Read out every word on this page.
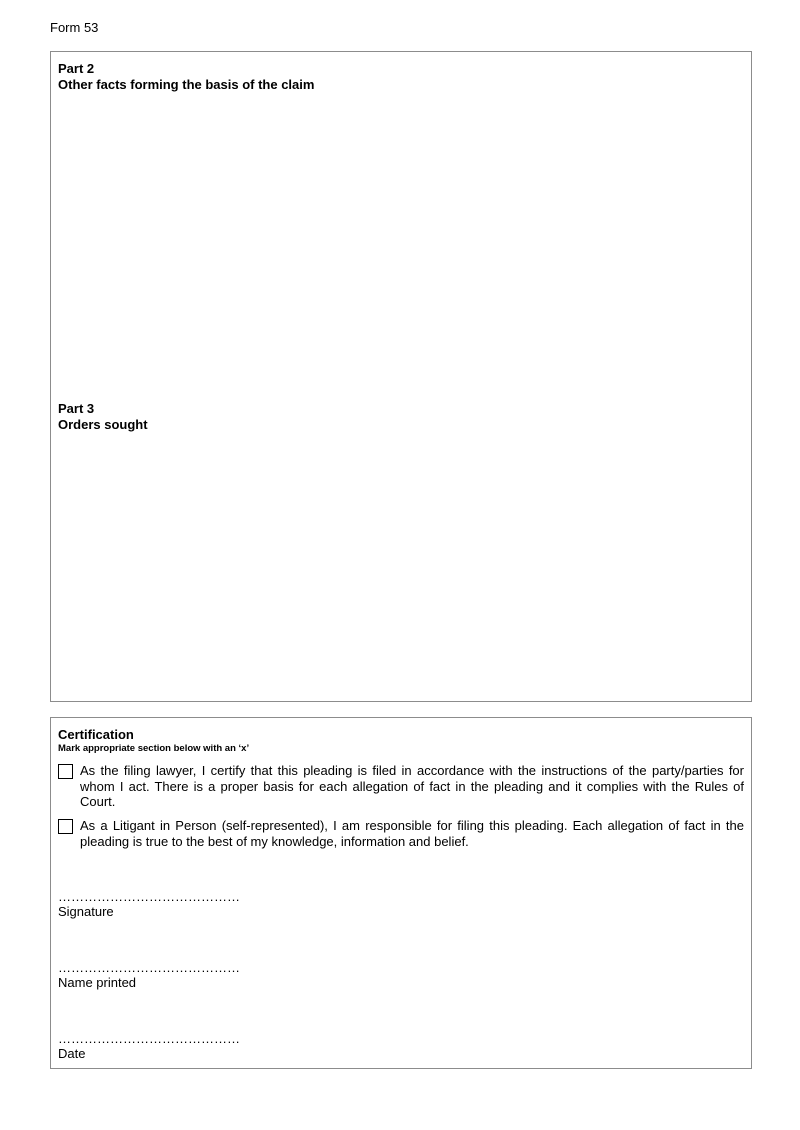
Form 53
Part 2
Other facts forming the basis of the claim
Part 3
Orders sought
Certification
Mark appropriate section below with an ‘x’
As the filing lawyer, I certify that this pleading is filed in accordance with the instructions of the party/parties for whom I act. There is a proper basis for each allegation of fact in the pleading and it complies with the Rules of Court.
As a Litigant in Person (self-represented), I am responsible for filing this pleading. Each allegation of fact in the pleading is true to the best of my knowledge, information and belief.
……………………………………
Signature
……………………………………
Name printed
……………………………………
Date
